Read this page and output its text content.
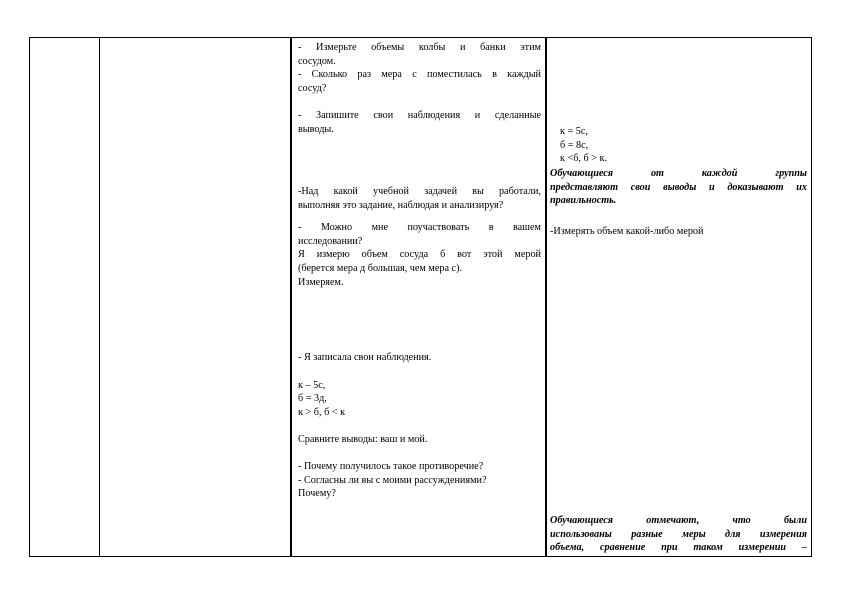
- Измерьте объемы колбы и банки этим

сосудом.

- Сколько раз мера с поместилась в каждый

сосуд?

- Запишите свои наблюдения и сделанные

выводы.

-Над какой учебной задачей вы работали,

выполняя это задание, наблюдая и анализируя?

- Можно мне поучаствовать в вашем

исследовании?

Я измерю объем сосуда б вот этой мерой

(берется мера д большая, чем мера с).

Измеряем.

- Я записала свои наблюдения.

к – 5с,

б = 3д,

к > б, б < к

Сравните выводы: ваш и мой.

- Почему получилось такое противоречие?

- Согласны ли вы с моими рассуждениями?

Почему?

к = 5с,

б = 8с,

к <б, б > к.

Обучающиеся от каждой группы

представляют свои выводы и доказывают их

правильность.

-Измерять объем какой-либо мерой

Обучающиеся отмечают, что были

использованы разные меры для измерения

объема, сравнение при таком измерении –
